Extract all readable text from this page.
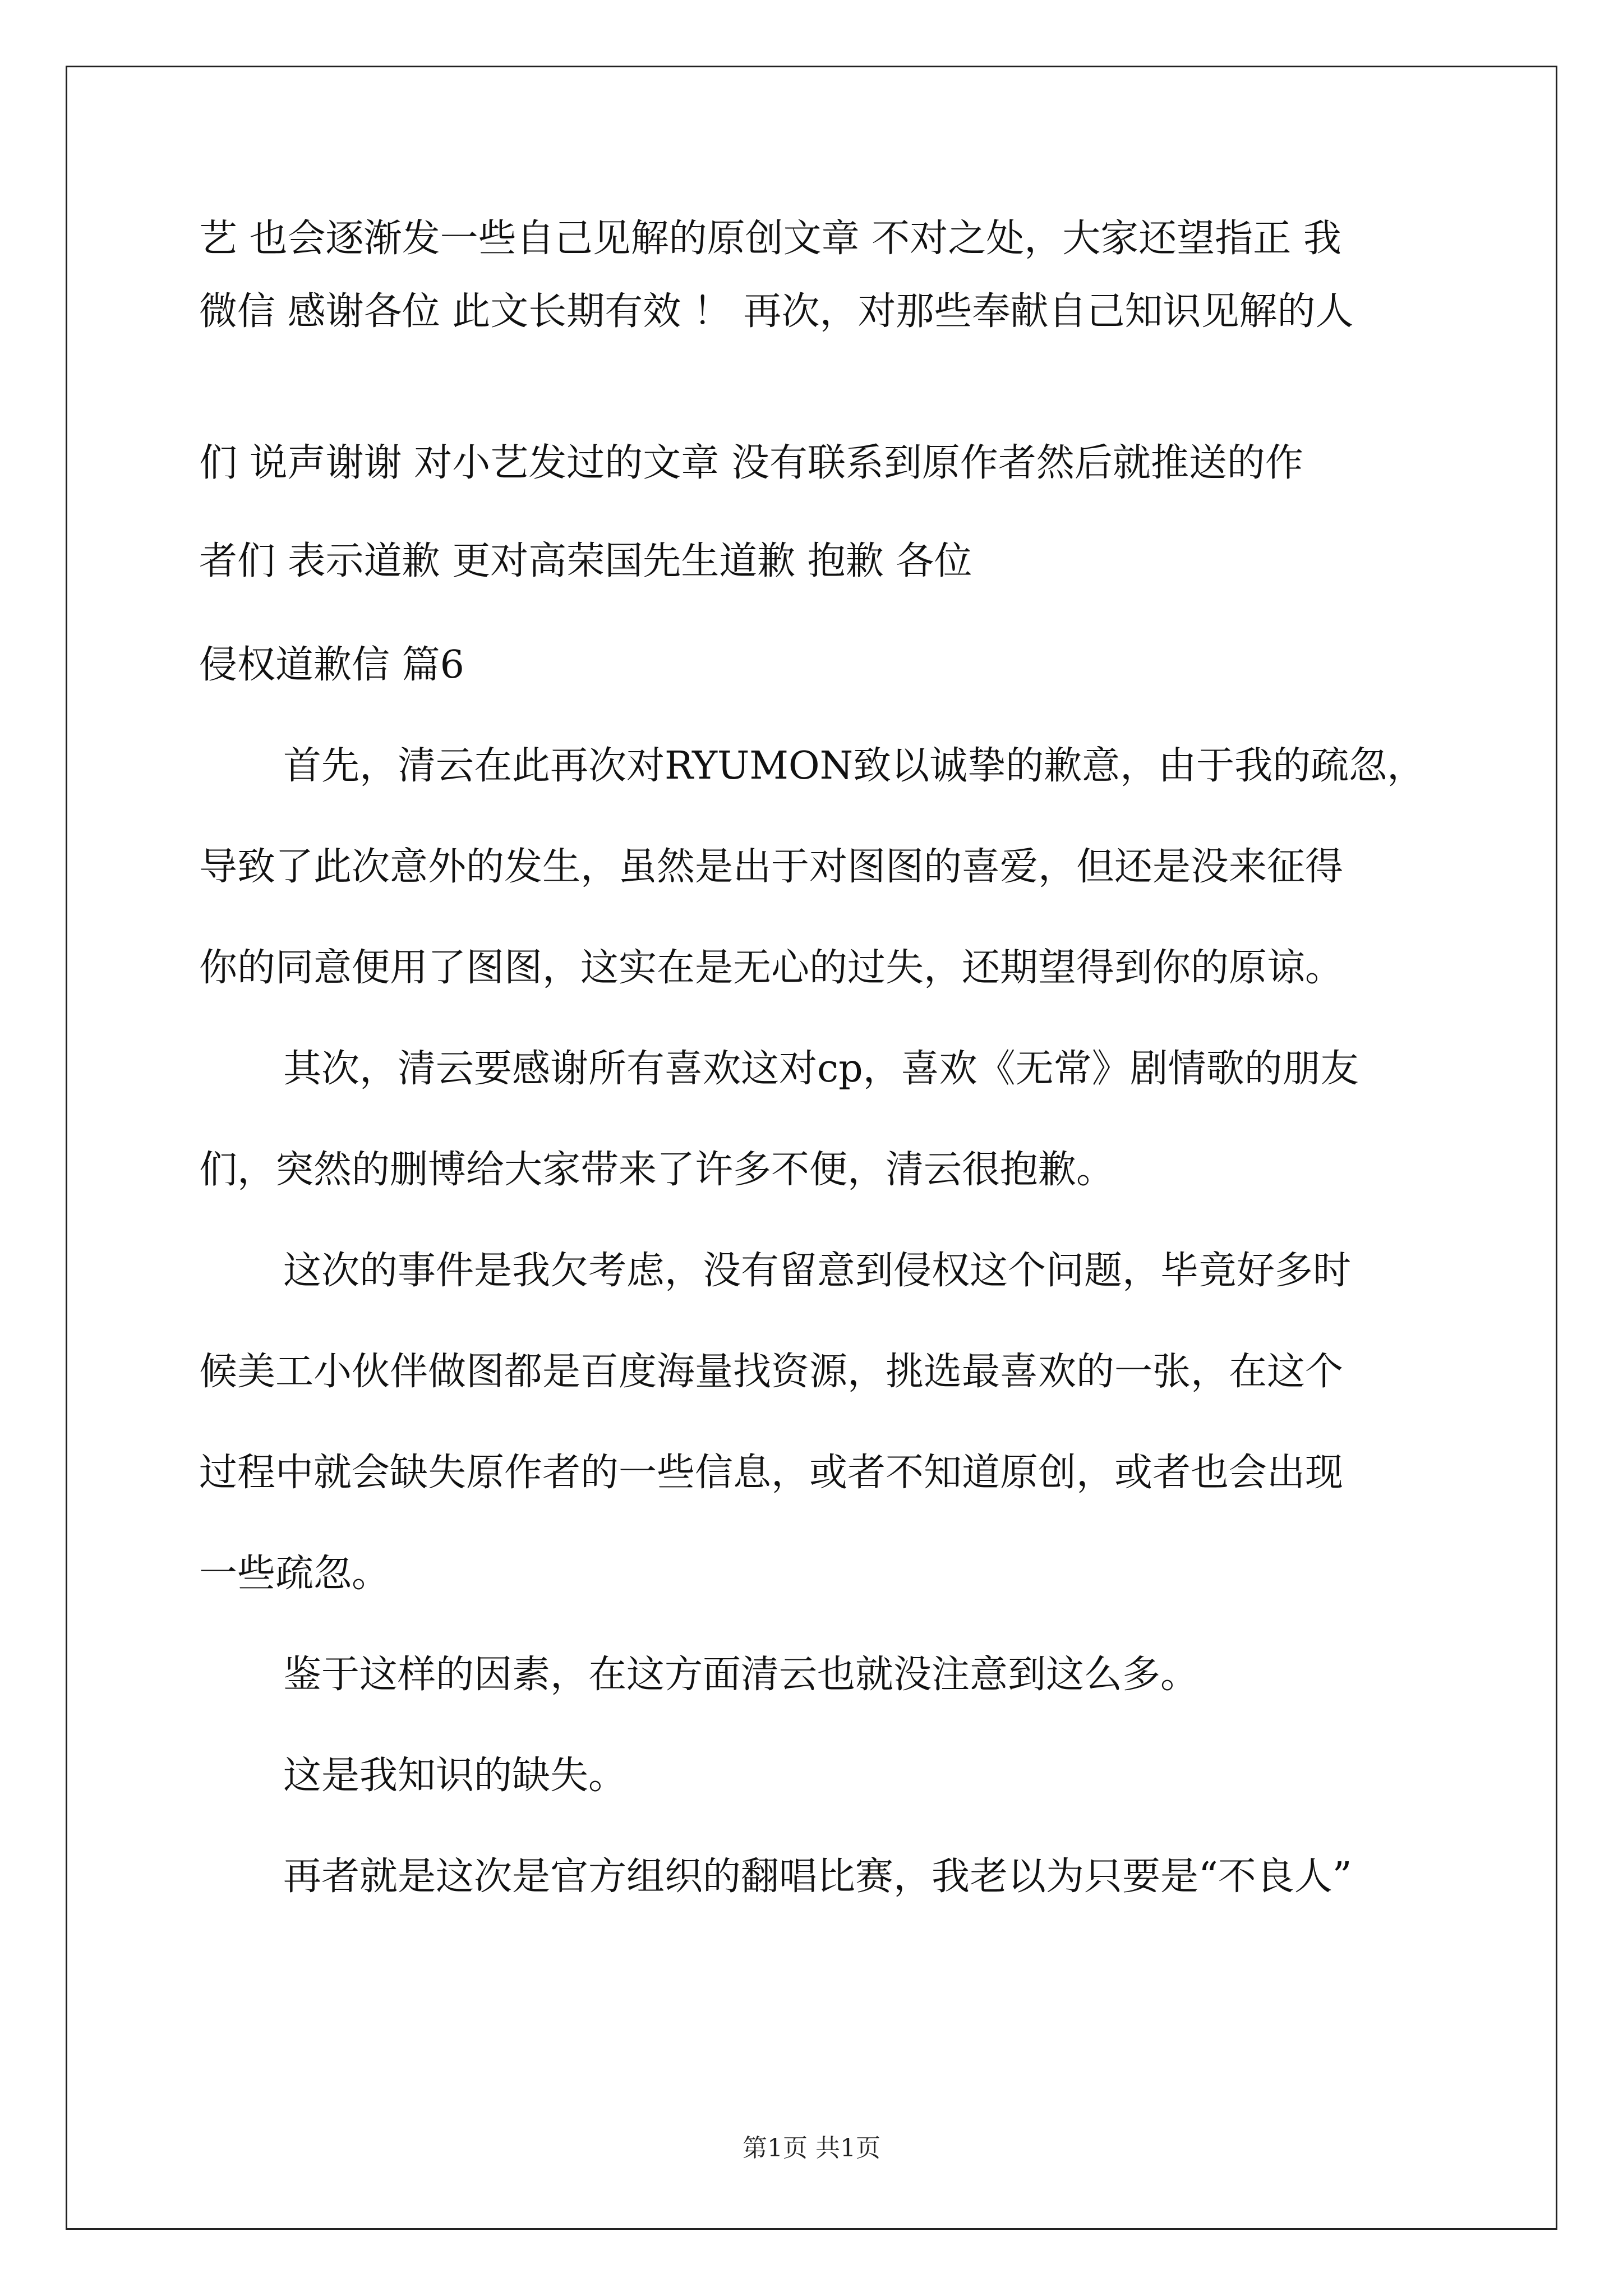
艺 也会逐渐发一些自己见解的原创文章 不对之处，大家还望指正 我
微信 感谢各位 此文长期有效 ！ 再次，对那些奉献自己知识见解的人
们 说声谢谢 对小艺发过的文章 没有联系到原作者然后就推送的作
者们 表示道歉 更对高荣国先生道歉 抱歉 各位
侵权道歉信 篇6
首先，清云在此再次对RYUMON致以诚挚的歉意，由于我的疏忽，
导致了此次意外的发生，虽然是出于对图图的喜爱，但还是没来征得
你的同意便用了图图，这实在是无心的过失，还期望得到你的原谅。
其次，清云要感谢所有喜欢这对cp，喜欢《无常》剧情歌的朋友
们，突然的删博给大家带来了许多不便，清云很抱歉。
这次的事件是我欠考虑，没有留意到侵权这个问题，毕竟好多时
候美工小伙伴做图都是百度海量找资源，挑选最喜欢的一张，在这个
过程中就会缺失原作者的一些信息，或者不知道原创，或者也会出现
一些疏忽。
鉴于这样的因素，在这方面清云也就没注意到这么多。
这是我知识的缺失。
再者就是这次是官方组织的翻唱比赛，我老以为只要是“不良人”
第1页 共1页
